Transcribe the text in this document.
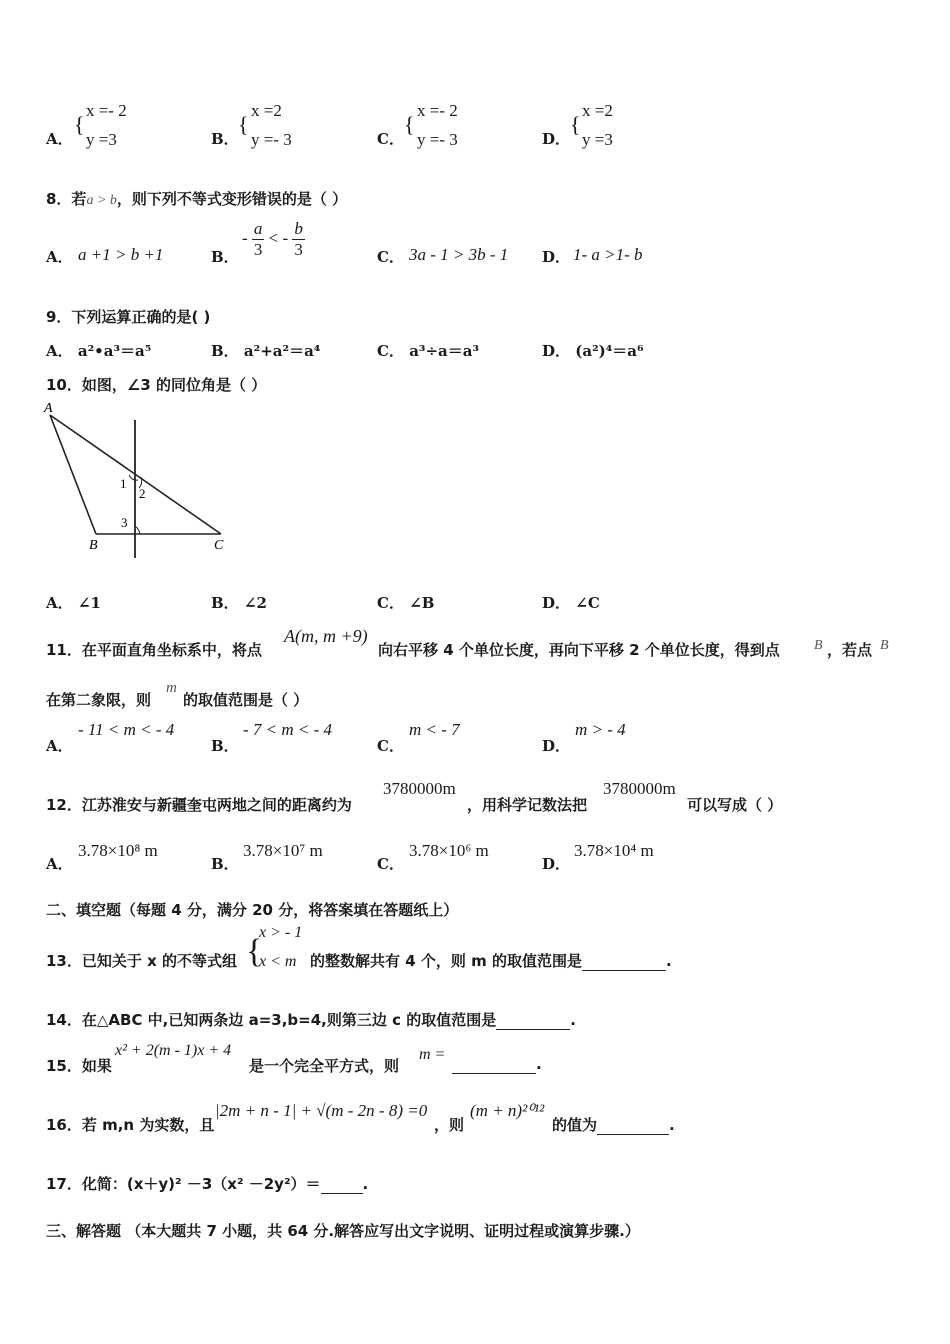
A．
{
x =- 2
y =3	B．
{
x =2
y =- 3	C．
{
x =- 2
y =- 3	D．
{
x =2
y =3
8．若a > b，则下列不等式变形错误的是（ ）
A． a +1 > b +1	B．
- $\frac{a}{3}$ < - $\frac{b}{3}$	C． 3a - 1 > 3b - 1 D． 1- a >1- b
9．下列运算正确的是( )
A． a²•a³＝a⁵	B． a²+a²＝a⁴	C． a³÷a＝a³	D． (a²)⁴＝a⁶
10．如图，∠3 的同位角是（ ）
A
B	C
1
2
3
A． ∠1	B． ∠2	C． ∠B	D． ∠C
11．在平面直角坐标系中，将点
A(m, m +9)
向右平移 4 个单位长度，再向下平移 2 个单位长度，得到点 B ，若点 B
在第二象限，则
m
的取值范围是（ ）
A．
- 11 < m < - 4
B．
- 7 < m < - 4
C．
m < - 7
D．
m > - 4
12．江苏淮安与新疆奎屯两地之间的距离约为
3780000m
，用科学记数法把
3780000m
可以写成（ ）
A．
3.78×10⁸ m
B．
3.78×10⁷ m
C．
3.78×10⁶ m
D．
3.78×10⁴ m
二、填空题（每题 4 分，满分 20 分，将答案填在答题纸上）
13．已知关于 x 的不等式组 {
x > - 1
x < m 的整数解共有 4 个，则 m 的取值范围是	.
14．在△ABC 中,已知两条边 a=3,b=4,则第三边 c 的取值范围是	.
15．如果
x² + 2(m - 1)x + 4
是一个完全平方式，则
m =
.
16．若 m,n 为实数，且
|2m + n - 1| + √(m - 2n - 8) =0
，则
(m + n)²⁰¹²
的值为	.
17．化简：(x＋y)² －3（x² －2y²）＝	.
三、解答题 （本大题共 7 小题，共 64 分.解答应写出文字说明、证明过程或演算步骤.）
